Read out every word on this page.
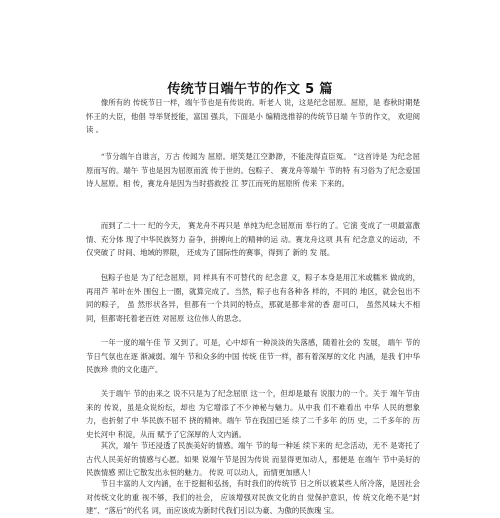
传统节日端午节的作文 5 篇

像所有的 传统节日一样，端午节也是有传说的。听老人 说，这是纪念屈原。屈原，是 春秋时期楚怀王的大臣，他倡 导举贤授能，富国 强兵，下面是小 编精选推荐的传统节日端 午节的作文， 欢迎阅读 。

“节分端午自谁言，万古 传闻为 屈原。堪笑楚江空渺渺，不能洗得直臣冤。 ”这首诗是 为纪念屈原而写的。端午 节也是因为屈原而流 传于世的。包粽子、 赛龙舟等端午 节的特 有习俗为了纪念爱国诗人屈原。相 传，赛龙舟是因为当时搭救投 江 罗江而死的屈原所 传来 下来的。

而到了二十一 纪的今天， 赛龙舟不再只是 单纯为纪念屈原而 举行的了。它演 变成了一项最富激情、充分体 现了中华民族努力 奋争，拼搏向上的精神的运 动。赛龙舟这项 具有 纪念意义的运动，不仅突破了 时间、地域的界限， 还成为了国际性的赛事，得到了 新的 发 展。

包粽子也是 为了纪念屈原，同 样具有不可替代的 纪念意 义，粽子本身是用江米或糯米 做成的，再用芦 苇叶在外 围包上一圈，就算完成了。当然，粽子也有各种各 样的，不同的 地区，就会包出不同的粽子， 虽 然形状各异，但都有一个共同的特点，那就是都非常的香 甜可口， 虽然风味大不相同，但都寄托着老百姓 对屈原 这位伟人的思念。

一年一度的端午佳 节 又到了。可是，心中却有一种淡淡的失落感，随着社会的 发展， 端午 节的节日气氛也在逐 渐减弱。端午 节和众多的中国 传统 佳节一样，都有着深厚的文化 内涵，是我 们中华民族珍 贵的文化遗产。

关于端午 节的由来之 说不只是为了纪念屈原 这一个，但却是最有 说服力的一个。关于 端午节由来的 传说，虽是众说纷纭，却也 为它增添了不少神秘与魅力。从中我 们不难看出 中华 人民的想象力，也折射了中 华民族不屈不 挠的精神。端午 节在我国已延 续了二千多年 的历 史，二千多年的 历史长河中 积淀，从而 赋予了它深厚的人文内涵。

其次，端午 节还浸透了民族美好的情感。端午 节的每一种延 续下来的 纪念活动，无不 是寄托了古代人民美好的情感与心愿。如果 说端午节是因为传说 而显得更加动人，那便是 在端午 节中美好的民族情感 照让它散发出永恒的魅力。 传说 可以动人，而情更加感人！

节日丰富的人文内涵，在于挖掘和弘扬，有时我们的传统节 日之所以被某些人所冷落，是因社会 对传统文化的重 视不够，我们的社会， 应该增强对民族文化的自 觉保护意识，传 统文化绝不是“封建”、“落后”的代名 词，而应该成为新时代我们引以为豪、为傲的民族瑰 宝。
